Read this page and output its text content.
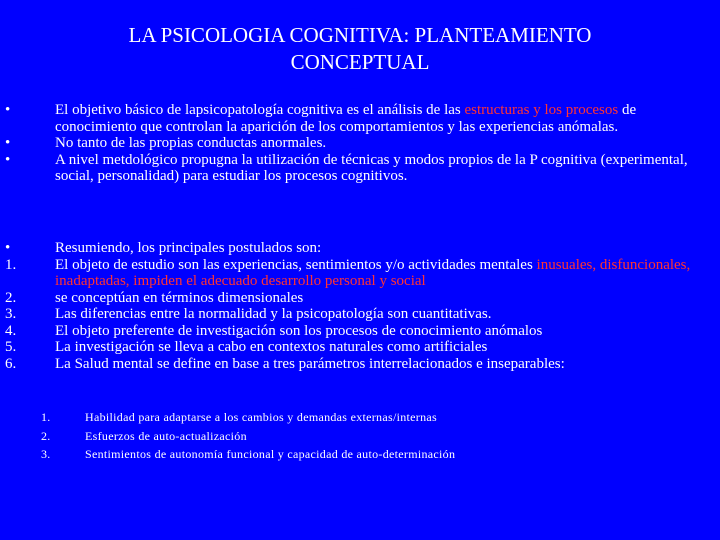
LA PSICOLOGIA COGNITIVA: PLANTEAMIENTO
CONCEPTUAL
•	El objetivo básico de lapsicopatología cognitiva es el análisis de las estructuras y los procesos de conocimiento que controlan la aparición de los comportamientos y las experiencias anómalas.
•	No tanto de las propias conductas anormales.
•	A nivel metdológico propugna la utilización de técnicas y modos propios de la P cognitiva (experimental, social, personalidad) para estudiar los procesos cognitivos.
•	Resumiendo, los principales postulados son:
1.	El objeto de estudio son las experiencias, sentimientos y/o actividades mentales inusuales, disfuncionales, inadaptadas, impiden el adecuado desarrollo personal y social
2.	se conceptúan en términos dimensionales
3.	Las diferencias entre la normalidad y la psicopatología son cuantitativas.
4.	El objeto preferente de investigación son los procesos de conocimiento anómalos
5.	La investigación se lleva a cabo en contextos naturales como artificiales
6.	La Salud mental se define en base a tres parámetros interrelacionados e inseparables:
1.	Habilidad para adaptarse a los cambios y demandas externas/internas
2.	Esfuerzos de auto-actualización
3.	Sentimientos de autonomía funcional y capacidad de auto-determinación
